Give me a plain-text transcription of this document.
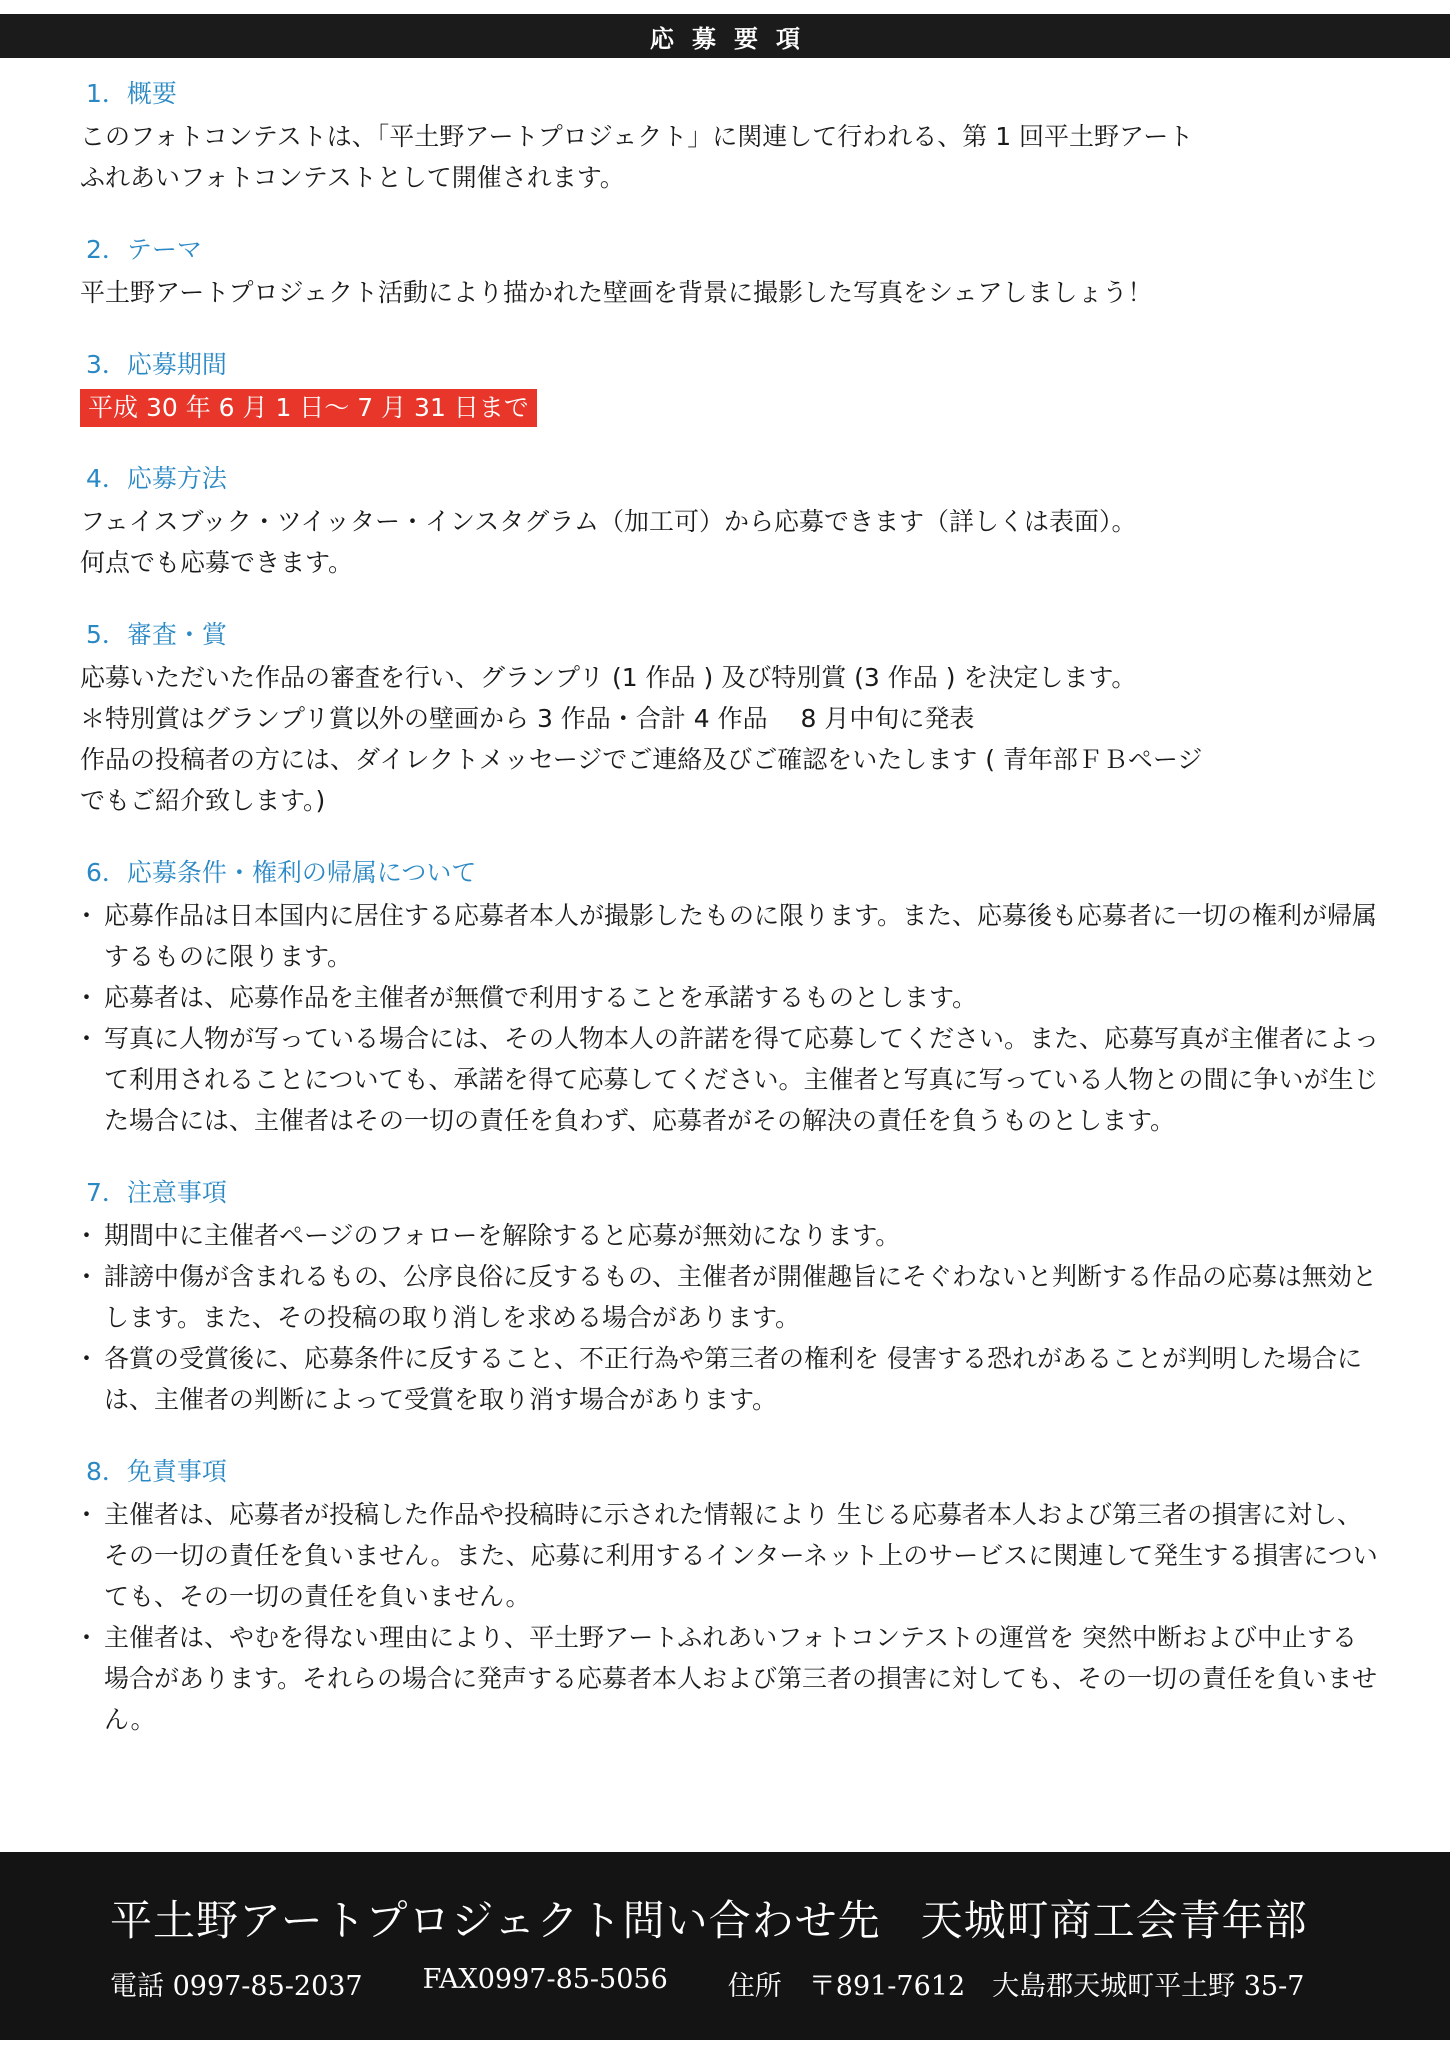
応募要項
1．概要

このフォトコンテストは、「平土野アートプロジェクト」に関連して行われる、第 1 回平土野アート

ふれあいフォトコンテストとして開催されます。

2．テーマ

平土野アートプロジェクト活動により描かれた壁画を背景に撮影した写真をシェアしましょう！

3．応募期間
平成 30 年 6 月 1 日～ 7 月 31 日まで
4．応募方法

フェイスブック・ツイッター・インスタグラム（加工可）から応募できます（詳しくは表面）。

何点でも応募できます。

5．審査・賞

応募いただいた作品の審査を行い、グランプリ (1 作品 ) 及び特別賞 (3 作品 ) を決定します。

＊特別賞はグランプリ賞以外の壁画から 3 作品・合計 4 作品　 8 月中旬に発表

作品の投稿者の方には、ダイレクトメッセージでご連絡及びご確認をいたします ( 青年部ＦＢページ

でもご紹介致します。)

6．応募条件・権利の帰属について
・ 応募作品は日本国内に居住する応募者本人が撮影したものに限ります。また、応募後も応募者に一切の権利が帰属するものに限ります。
・ 応募者は、応募作品を主催者が無償で利用することを承諾するものとします。
・ 写真に人物が写っている場合には、その人物本人の許諾を得て応募してください。また、応募写真が主催者によって利用されることについても、承諾を得て応募してください。主催者と写真に写っている人物との間に争いが生じた場合には、主催者はその一切の責任を負わず、応募者がその解決の責任を負うものとします。
7．注意事項
・ 期間中に主催者ページのフォローを解除すると応募が無効になります。
・ 誹謗中傷が含まれるもの、公序良俗に反するもの、主催者が開催趣旨にそぐわないと判断する作品の応募は無効とします。また、その投稿の取り消しを求める場合があります。
・ 各賞の受賞後に、応募条件に反すること、不正行為や第三者の権利を 侵害する恐れがあることが判明した場合には、主催者の判断によって受賞を取り消す場合があります。
8．免責事項
・ 主催者は、応募者が投稿した作品や投稿時に示された情報により 生じる応募者本人および第三者の損害に対し、その一切の責任を負いません。また、応募に利用するインターネット上のサービスに関連して発生する損害についても、その一切の責任を負いません。
・ 主催者は、やむを得ない理由により、平土野アートふれあいフォトコンテストの運営を 突然中断および中止する場合があります。それらの場合に発声する応募者本人および第三者の損害に対しても、その一切の責任を負いません。
平土野アートプロジェクト問い合わせ先 天城町商工会青年部
電話 0997-85-2037 FAX0997-85-5056 住所　〒891-7612　大島郡天城町平土野 35-7
